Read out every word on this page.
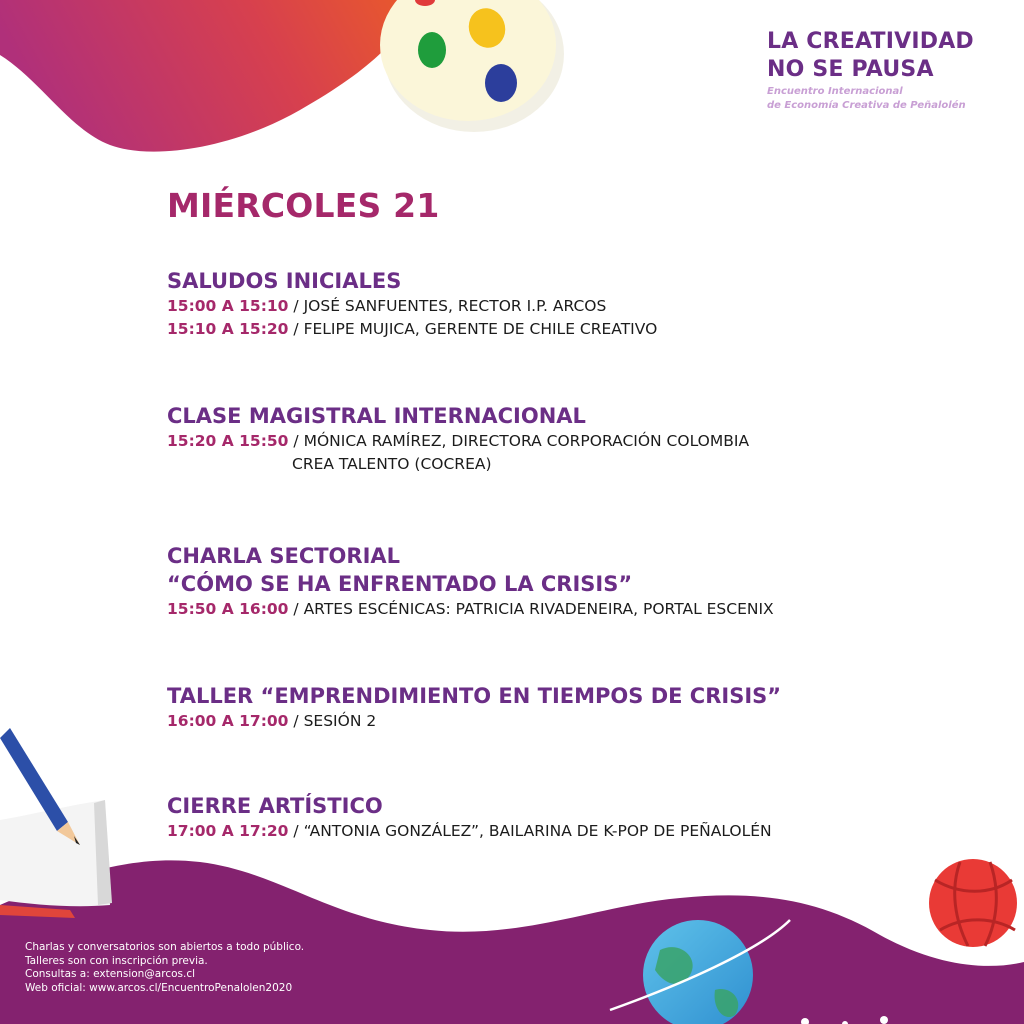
LA CREATIVIDAD
NO SE PAUSA
Encuentro Internacional
de Economía Creativa de Peñalolén
MIÉRCOLES 21
SALUDOS INICIALES
15:00 A 15:10 / JOSÉ SANFUENTES, RECTOR I.P. ARCOS
15:10 A 15:20 / FELIPE MUJICA, GERENTE DE CHILE CREATIVO
CLASE MAGISTRAL INTERNACIONAL
15:20 A 15:50 / MÓNICA RAMÍREZ, DIRECTORA CORPORACIÓN COLOMBIA
CREA TALENTO (COCREA)
CHARLA SECTORIAL
“CÓMO SE HA ENFRENTADO LA CRISIS”
15:50 A 16:00 / ARTES ESCÉNICAS: PATRICIA RIVADENEIRA, PORTAL ESCENIX
TALLER “EMPRENDIMIENTO EN TIEMPOS DE CRISIS”
16:00 A 17:00 / SESIÓN 2
CIERRE ARTÍSTICO
17:00 A 17:20 / “ANTONIA GONZÁLEZ”, BAILARINA DE K-POP DE PEÑALOLÉN
Charlas y conversatorios son abiertos a todo público.
Talleres son con inscripción previa.
Consultas a: extension@arcos.cl
Web oficial: www.arcos.cl/EncuentroPenalolen2020
